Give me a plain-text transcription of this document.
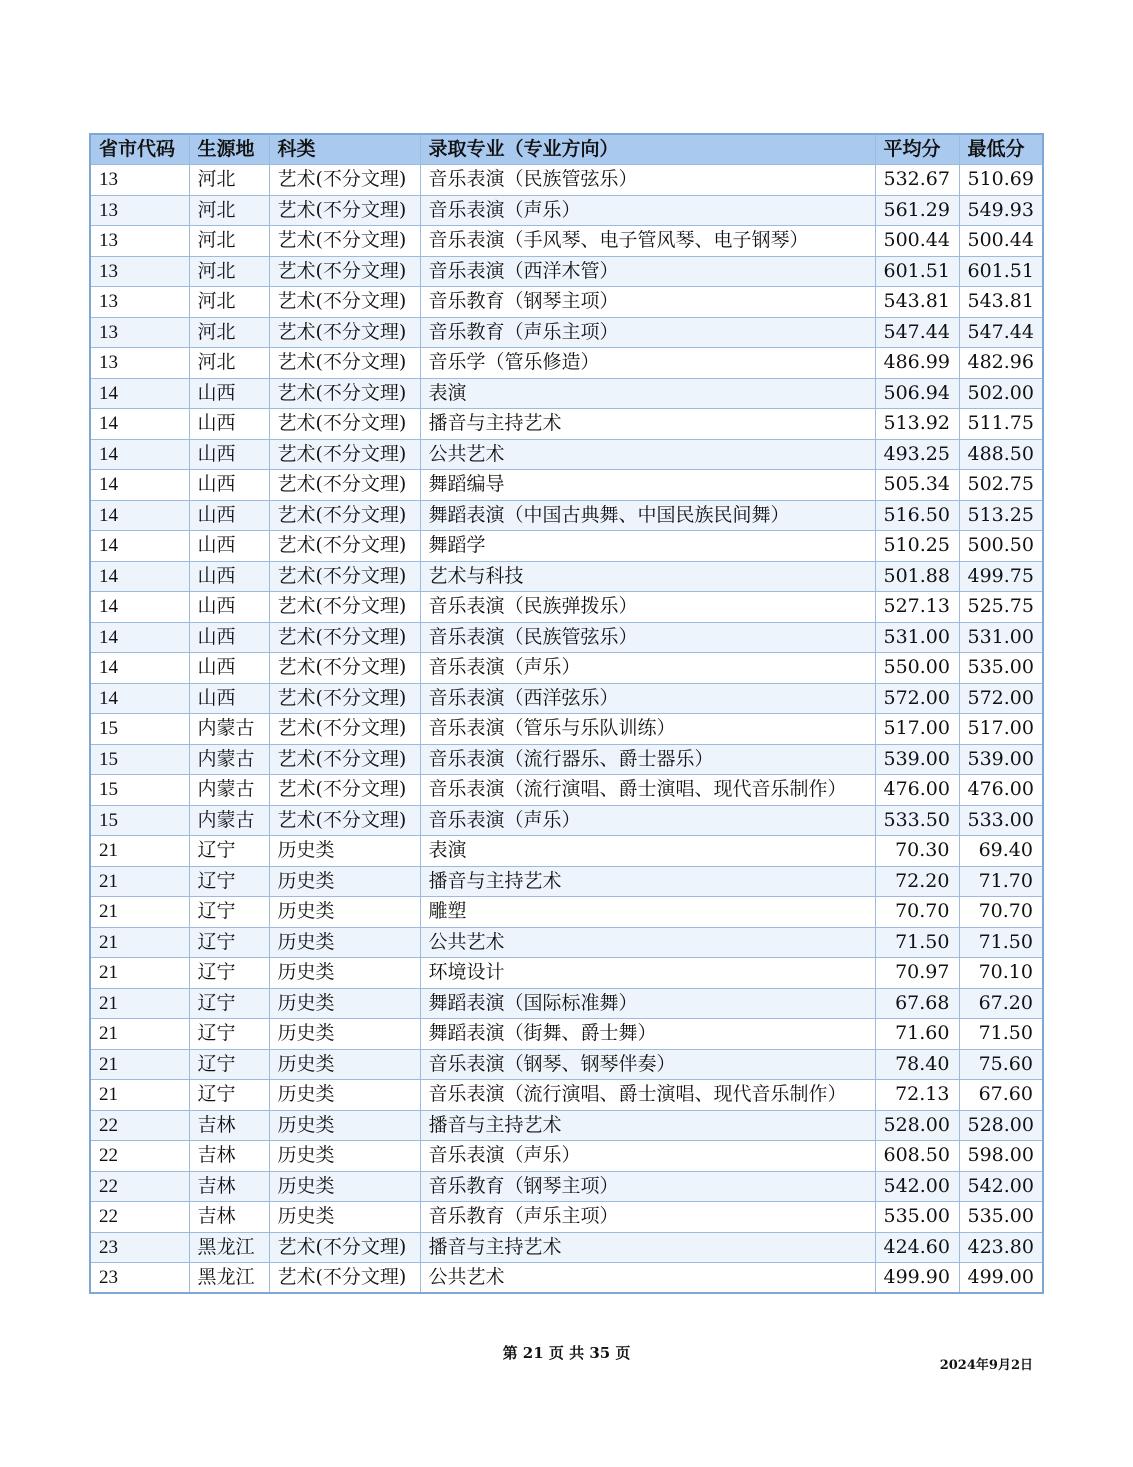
省市代码	生源地	科类	录取专业（专业方向）	平均分	最低分
13	河北	艺术(不分文理)	音乐表演（民族管弦乐）	532.67	510.69
13	河北	艺术(不分文理)	音乐表演（声乐）	561.29	549.93
13	河北	艺术(不分文理)	音乐表演（手风琴、电子管风琴、电子钢琴）	500.44	500.44
13	河北	艺术(不分文理)	音乐表演（西洋木管）	601.51	601.51
13	河北	艺术(不分文理)	音乐教育（钢琴主项）	543.81	543.81
13	河北	艺术(不分文理)	音乐教育（声乐主项）	547.44	547.44
13	河北	艺术(不分文理)	音乐学（管乐修造）	486.99	482.96
14	山西	艺术(不分文理)	表演	506.94	502.00
14	山西	艺术(不分文理)	播音与主持艺术	513.92	511.75
14	山西	艺术(不分文理)	公共艺术	493.25	488.50
14	山西	艺术(不分文理)	舞蹈编导	505.34	502.75
14	山西	艺术(不分文理)	舞蹈表演（中国古典舞、中国民族民间舞）	516.50	513.25
14	山西	艺术(不分文理)	舞蹈学	510.25	500.50
14	山西	艺术(不分文理)	艺术与科技	501.88	499.75
14	山西	艺术(不分文理)	音乐表演（民族弹拨乐）	527.13	525.75
14	山西	艺术(不分文理)	音乐表演（民族管弦乐）	531.00	531.00
14	山西	艺术(不分文理)	音乐表演（声乐）	550.00	535.00
14	山西	艺术(不分文理)	音乐表演（西洋弦乐）	572.00	572.00
15	内蒙古	艺术(不分文理)	音乐表演（管乐与乐队训练）	517.00	517.00
15	内蒙古	艺术(不分文理)	音乐表演（流行器乐、爵士器乐）	539.00	539.00
15	内蒙古	艺术(不分文理)	音乐表演（流行演唱、爵士演唱、现代音乐制作）	476.00	476.00
15	内蒙古	艺术(不分文理)	音乐表演（声乐）	533.50	533.00
21	辽宁	历史类	表演	70.30	69.40
21	辽宁	历史类	播音与主持艺术	72.20	71.70
21	辽宁	历史类	雕塑	70.70	70.70
21	辽宁	历史类	公共艺术	71.50	71.50
21	辽宁	历史类	环境设计	70.97	70.10
21	辽宁	历史类	舞蹈表演（国际标准舞）	67.68	67.20
21	辽宁	历史类	舞蹈表演（街舞、爵士舞）	71.60	71.50
21	辽宁	历史类	音乐表演（钢琴、钢琴伴奏）	78.40	75.60
21	辽宁	历史类	音乐表演（流行演唱、爵士演唱、现代音乐制作）	72.13	67.60
22	吉林	历史类	播音与主持艺术	528.00	528.00
22	吉林	历史类	音乐表演（声乐）	608.50	598.00
22	吉林	历史类	音乐教育（钢琴主项）	542.00	542.00
22	吉林	历史类	音乐教育（声乐主项）	535.00	535.00
23	黑龙江	艺术(不分文理)	播音与主持艺术	424.60	423.80
23	黑龙江	艺术(不分文理)	公共艺术	499.90	499.00
第 21 页 共 35 页
2024年9月2日
